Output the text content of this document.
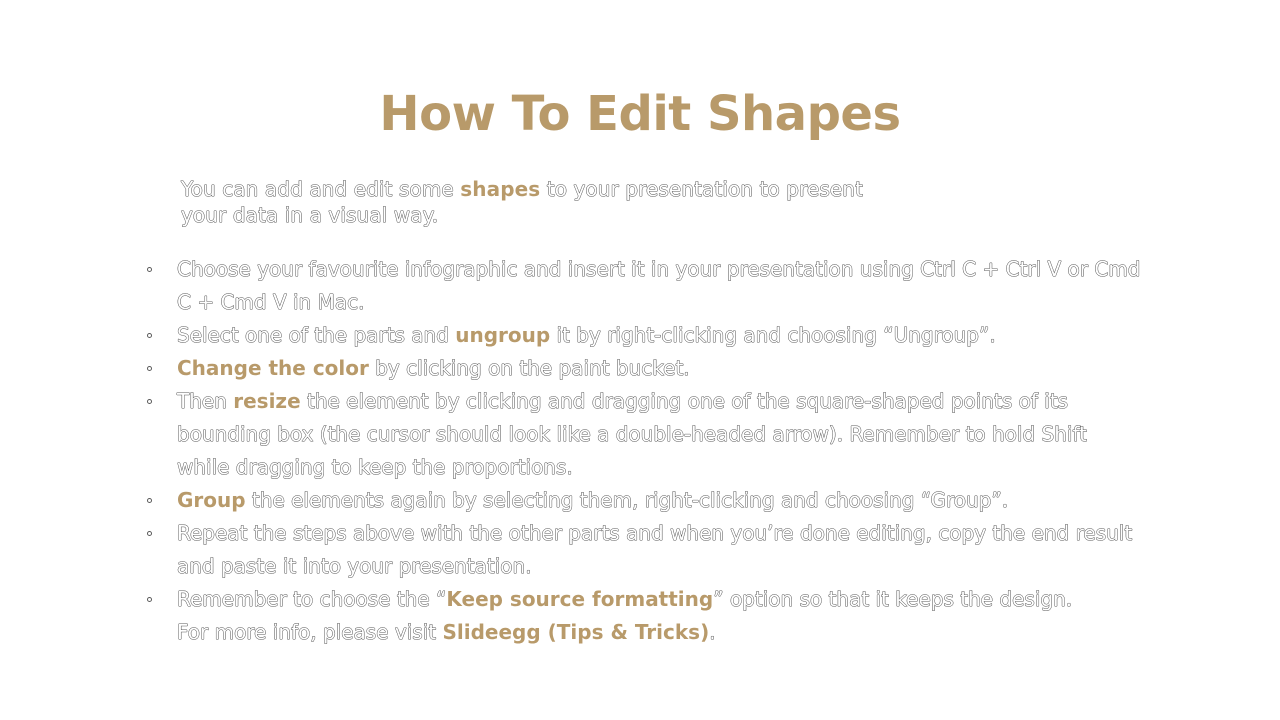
How To Edit Shapes

You can add and edit some shapes to your presentation to present your data in a visual way.

Choose your favourite infographic and insert it in your presentation using Ctrl C + Ctrl V or Cmd C + Cmd V in Mac.
Select one of the parts and ungroup it by right-clicking and choosing “Ungroup”.
Change the color by clicking on the paint bucket.
Then resize the element by clicking and dragging one of the square-shaped points of its bounding box (the cursor should look like a double-headed arrow). Remember to hold Shift while dragging to keep the proportions.
Group the elements again by selecting them, right-clicking and choosing “Group”.
Repeat the steps above with the other parts and when you’re done editing, copy the end result and paste it into your presentation.
Remember to choose the “Keep source formatting” option so that it keeps the design.
For more info, please visit Slideegg (Tips & Tricks).
